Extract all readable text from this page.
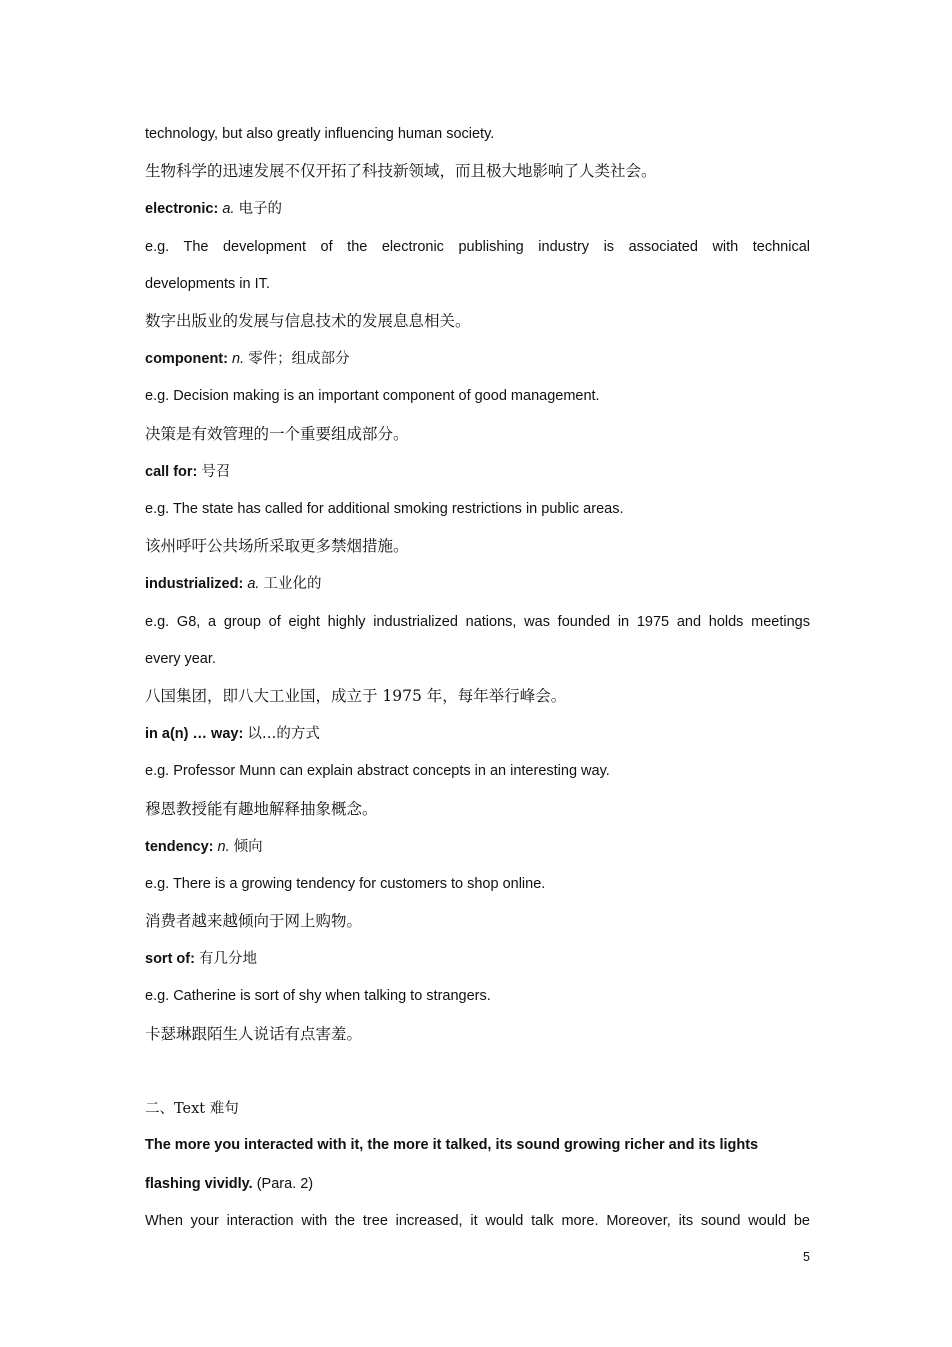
technology, but also greatly influencing human society.
生物科学的迅速发展不仅开拓了科技新领域，而且极大地影响了人类社会。
electronic: a. 电子的
e.g. The development of the electronic publishing industry is associated with technical
developments in IT.
数字出版业的发展与信息技术的发展息息相关。
component: n. 零件；组成部分
e.g. Decision making is an important component of good management.
决策是有效管理的一个重要组成部分。
call for: 号召
e.g. The state has called for additional smoking restrictions in public areas.
该州呼吁公共场所采取更多禁烟措施。
industrialized: a. 工业化的
e.g. G8, a group of eight highly industrialized nations, was founded in 1975 and holds meetings
every year.
八国集团，即八大工业国，成立于 1975 年，每年举行峰会。
in a(n) … way: 以…的方式
e.g. Professor Munn can explain abstract concepts in an interesting way.
穆恩教授能有趣地解释抽象概念。
tendency: n. 倾向
e.g. There is a growing tendency for customers to shop online.
消费者越来越倾向于网上购物。
sort of: 有几分地
e.g. Catherine is sort of shy when talking to strangers.
卡瑟琳跟陌生人说话有点害羞。
二、Text 难句
The more you interacted with it, the more it talked, its sound growing richer and its lights
flashing vividly. (Para. 2)
When your interaction with the tree increased, it would talk more. Moreover, its sound would be
5
